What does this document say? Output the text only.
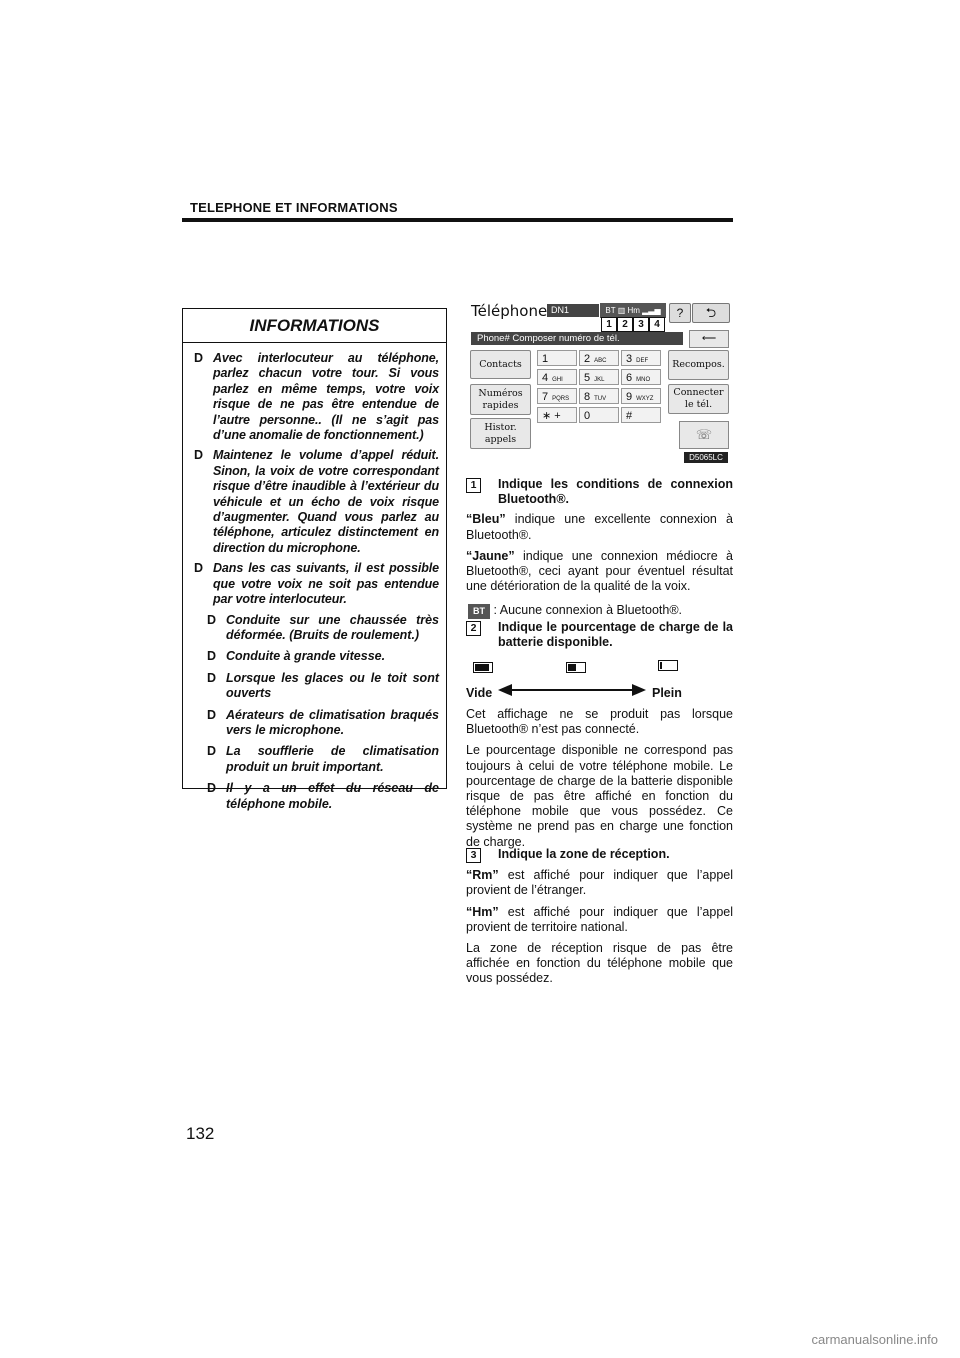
TELEPHONE ET INFORMATIONS
INFORMATIONS
D Avec interlocuteur au téléphone, parlez chacun votre tour. Si vous parlez en même temps, votre voix risque de ne pas être entendue de l’autre personne.. (Il ne s’agit pas d’une anomalie de fonctionnement.)
D Maintenez le volume d’appel réduit. Sinon, la voix de votre correspondant risque d’être inaudible à l’extérieur du véhicule et un écho de voix risque d’augmenter. Quand vous parlez au téléphone, articulez distinctement en direction du microphone.
D Dans les cas suivants, il est possible que votre voix ne soit pas entendue par votre interlocuteur.
D Conduite sur une chaussée très déformée. (Bruits de roulement.)
D Conduite à grande vitesse.
D Lorsque les glaces ou le toit sont ouverts
D Aérateurs de climatisation braqués vers le microphone.
D La soufflerie de climatisation produit un bruit important.
D Il y a un effet du réseau de téléphone mobile.
Téléphone DN1	BT ▥ Hm ▂▃▅
1	2	3	4
?	⮌
Phone# Composer numéro de tél.	⟵
Contacts
Numéros rapides
Histor. appels
Recompos.
Connecter le tél.
1	2 ABC	3 DEF
4 GHI	5 JKL	6 MNO
7 PQRS	8 TUV	9 WXYZ
∗ +	0	#
☏
D5065LC
1	Indique les conditions de connexion Bluetooth®.
“Bleu” indique une excellente connexion à Bluetooth®.
“Jaune” indique une connexion médiocre à Bluetooth®, ceci ayant pour éventuel résultat une détérioration de la qualité de la voix.
BT : Aucune connexion à Bluetooth®.
2	Indique le pourcentage de charge de la batterie disponible.
Vide	Plein
Cet affichage ne se produit pas lorsque Bluetooth® n’est pas connecté.
Le pourcentage disponible ne correspond pas toujours à celui de votre téléphone mobile. Le pourcentage de charge de la batterie disponible risque de pas être affiché en fonction du téléphone mobile que vous possédez. Ce système ne prend pas en charge une fonction de charge.
3	Indique la zone de réception.
“Rm” est affiché pour indiquer que l’appel provient de l’étranger.
“Hm” est affiché pour indiquer que l’appel provient de territoire national.
La zone de réception risque de pas être affichée en fonction du téléphone mobile que vous possédez.
132
carmanualsonline.info
